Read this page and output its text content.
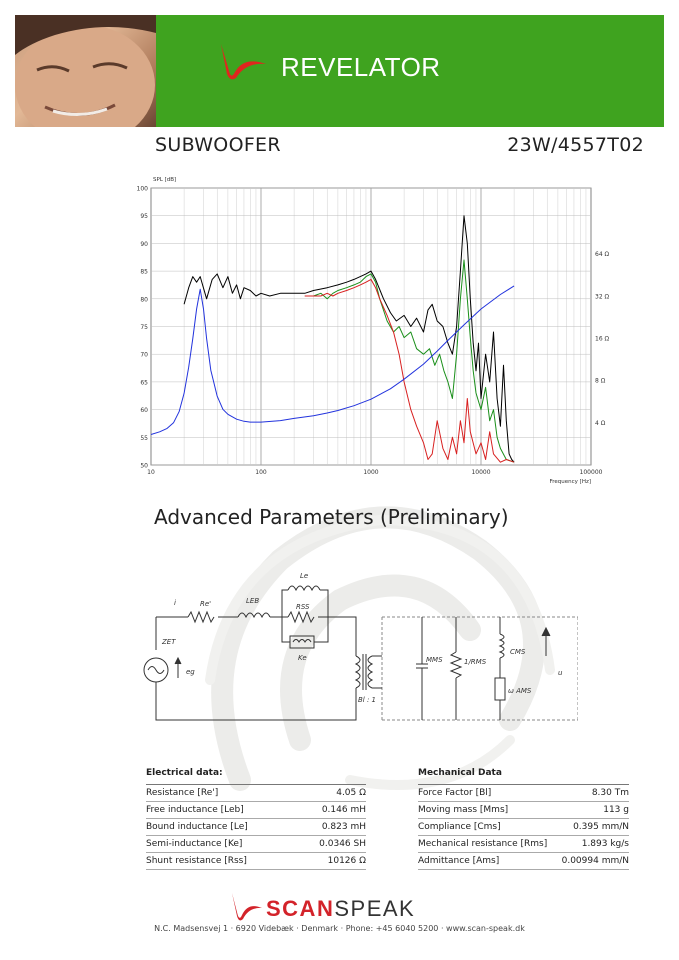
REVELATOR
SUBWOOFER	23W/4557T02
50
55
60
65
70
75
80
85
90
95
100
10	100	1000	10000	100000
4 Ω
8 Ω
16 Ω
32 Ω
64 Ω
SPL [dB]
Frequency [Hz]
Advanced Parameters (Preliminary)
i	Re'	LEB
Le
RSS
Ke
ZET
eg
Bl : 1
MMS	1/RMS
CMS
ω AMS
u
Electrical data:
Resistance [Re']	4.05 Ω
Free inductance [Leb]	0.146 mH
Bound inductance [Le]	0.823 mH
Semi-inductance [Ke]	0.0346 SH
Shunt resistance [Rss]	10126 Ω
Mechanical Data
Force Factor [Bl]	8.30 Tm
Moving mass [Mms]	113 g
Compliance [Cms]	0.395 mm/N
Mechanical resistance [Rms]	1.893 kg/s
Admittance [Ams]	0.00994 mm/N
SCANSPEAK
N.C. Madsensvej 1 · 6920 Videbæk · Denmark · Phone: +45 6040 5200 · www.scan-speak.dk
